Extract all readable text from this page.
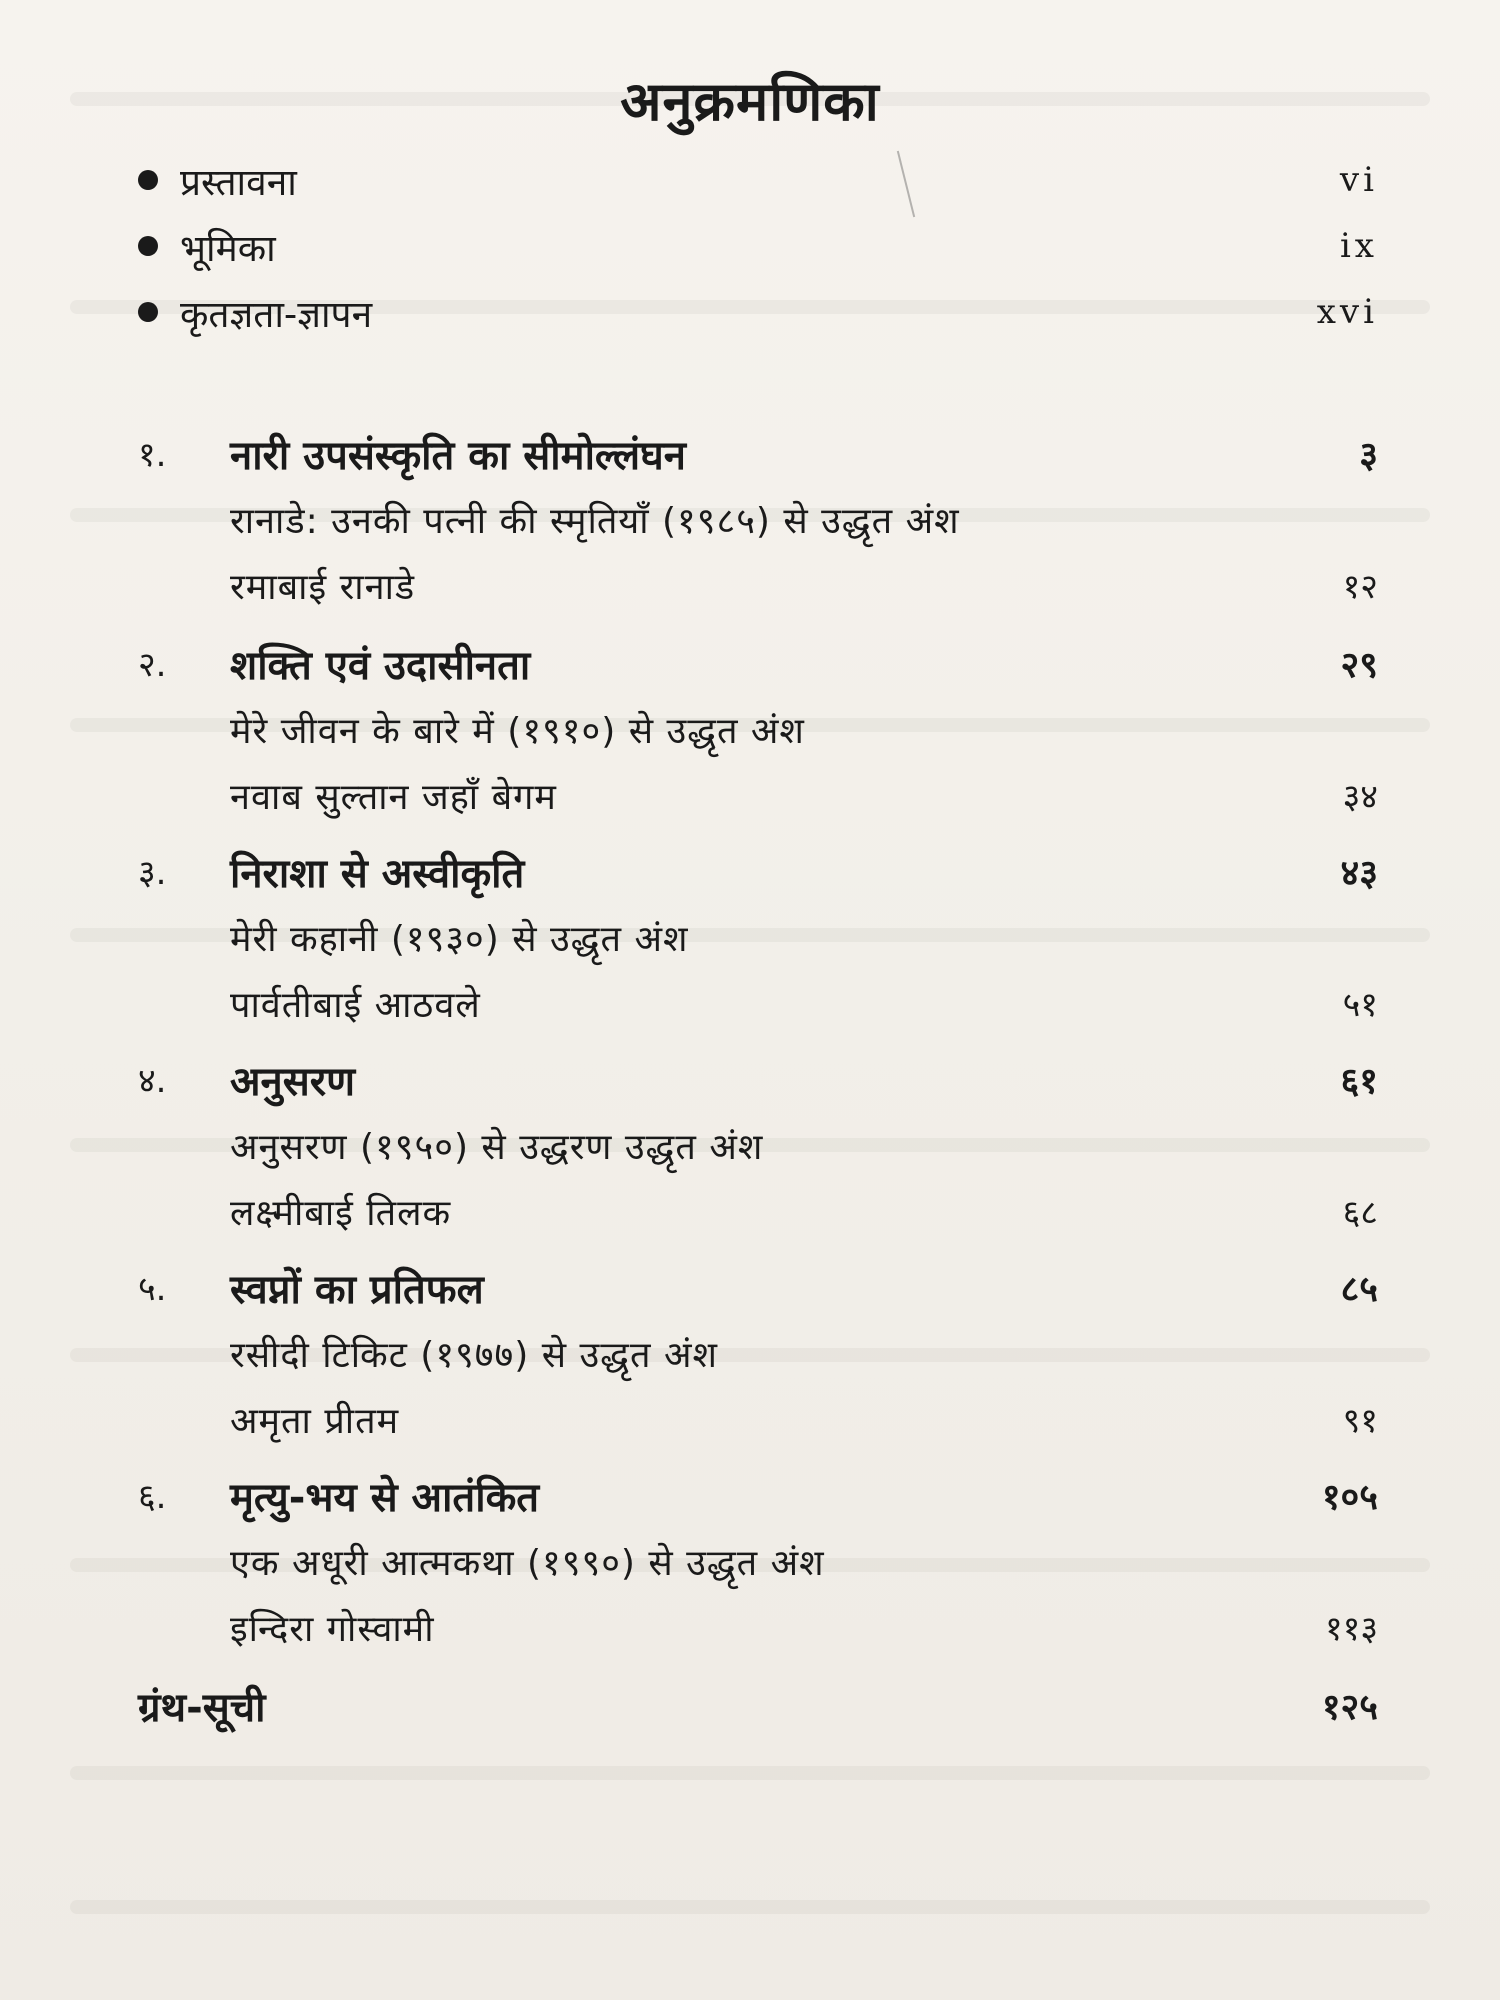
अनुक्रमणिका
प्रस्तावना	vi
भूमिका	ix
कृतज्ञता-ज्ञापन	xvi
१.	नारी उपसंस्कृति का सीमोल्लंघन	३
रानाडे: उनकी पत्नी की स्मृतियाँ (१९८५) से उद्धृत अंश
रमाबाई रानाडे	१२
२.	शक्ति एवं उदासीनता	२९
मेरे जीवन के बारे में (१९१०) से उद्धृत अंश
नवाब सुल्तान जहाँ बेगम	३४
३.	निराशा से अस्वीकृति	४३
मेरी कहानी (१९३०) से उद्धृत अंश
पार्वतीबाई आठवले	५१
४.	अनुसरण	६१
अनुसरण (१९५०) से उद्धरण उद्धृत अंश
लक्ष्मीबाई तिलक	६८
५.	स्वप्नों का प्रतिफल	८५
रसीदी टिकिट (१९७७) से उद्धृत अंश
अमृता प्रीतम	९१
६.	मृत्यु-भय से आतंकित	१०५
एक अधूरी आत्मकथा (१९९०) से उद्धृत अंश
इन्दिरा गोस्वामी	११३
ग्रंथ-सूची	१२५
